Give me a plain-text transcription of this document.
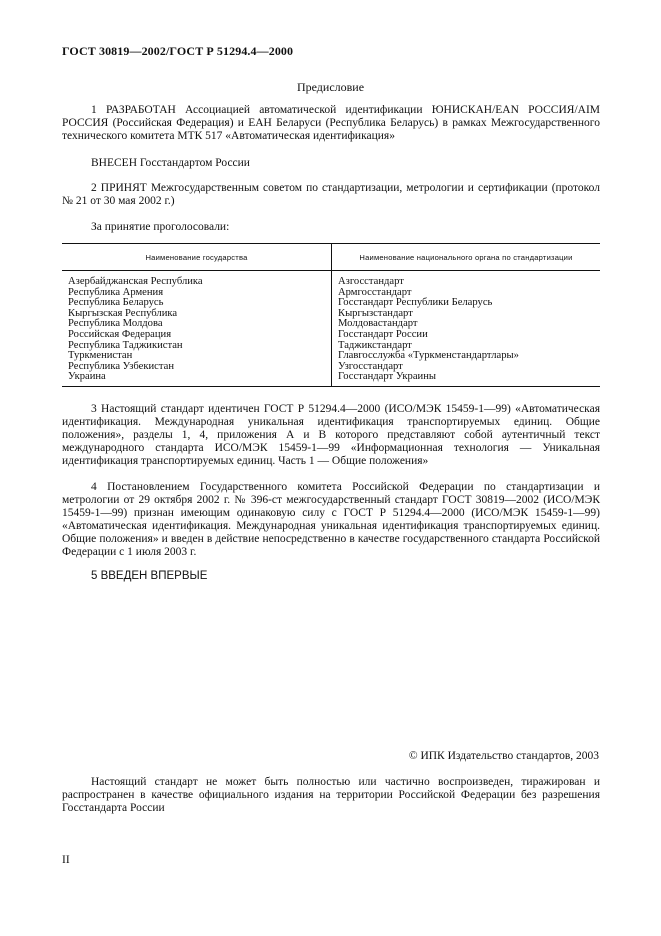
ГОСТ 30819—2002/ГОСТ Р 51294.4—2000
Предисловие

1 РАЗРАБОТАН Ассоциацией автоматической идентификации ЮНИСКАН/EAN РОССИЯ/AIM РОССИЯ (Российская Федерация) и ЕАН Беларуси (Республика Беларусь) в рамках Межгосударственного технического комитета МТК 517 «Автоматическая идентификация»

ВНЕСЕН Госстандартом России

2 ПРИНЯТ Межгосударственным советом по стандартизации, метрологии и сертификации (протокол № 21 от 30 мая 2002 г.)

За принятие проголосовали:

Наименование государства	Наименование национального органа по стандартизации
Азербайджанская Республика
Республика Армения
Республика Беларусь
Кыргызская Республика
Республика Молдова
Российская Федерация
Республика Таджикистан
Туркменистан
Республика Узбекистан
Украина
Азгосстандарт
Армгосстандарт
Госстандарт Республики Беларусь
Кыргызстандарт
Молдовастандарт
Госстандарт России
Таджикстандарт
Главгосслужба «Туркменстандартлары»
Узгосстандарт
Госстандарт Украины

3 Настоящий стандарт идентичен ГОСТ Р 51294.4—2000 (ИСО/МЭК 15459-1—99) «Автоматическая идентификация. Международная уникальная идентификация транспортируемых единиц. Общие положения», разделы 1, 4, приложения А и В которого представляют собой аутентичный текст международного стандарта ИСО/МЭК 15459-1—99 «Информационная технология — Уникальная идентификация транспортируемых единиц. Часть 1 — Общие положения»

4 Постановлением Государственного комитета Российской Федерации по стандартизации и метрологии от 29 октября 2002 г. № 396-ст межгосударственный стандарт ГОСТ 30819—2002 (ИСО/МЭК 15459-1—99) признан имеющим одинаковую силу с ГОСТ Р 51294.4—2000 (ИСО/МЭК 15459-1—99) «Автоматическая идентификация. Международная уникальная идентификация транспортируемых единиц. Общие положения» и введен в действие непосредственно в качестве государственного стандарта Российской Федерации с 1 июля 2003 г.

5 ВВЕДЕН ВПЕРВЫЕ

© ИПК Издательство стандартов, 2003

Настоящий стандарт не может быть полностью или частично воспроизведен, тиражирован и распространен в качестве официального издания на территории Российской Федерации без разрешения Госстандарта России

II
